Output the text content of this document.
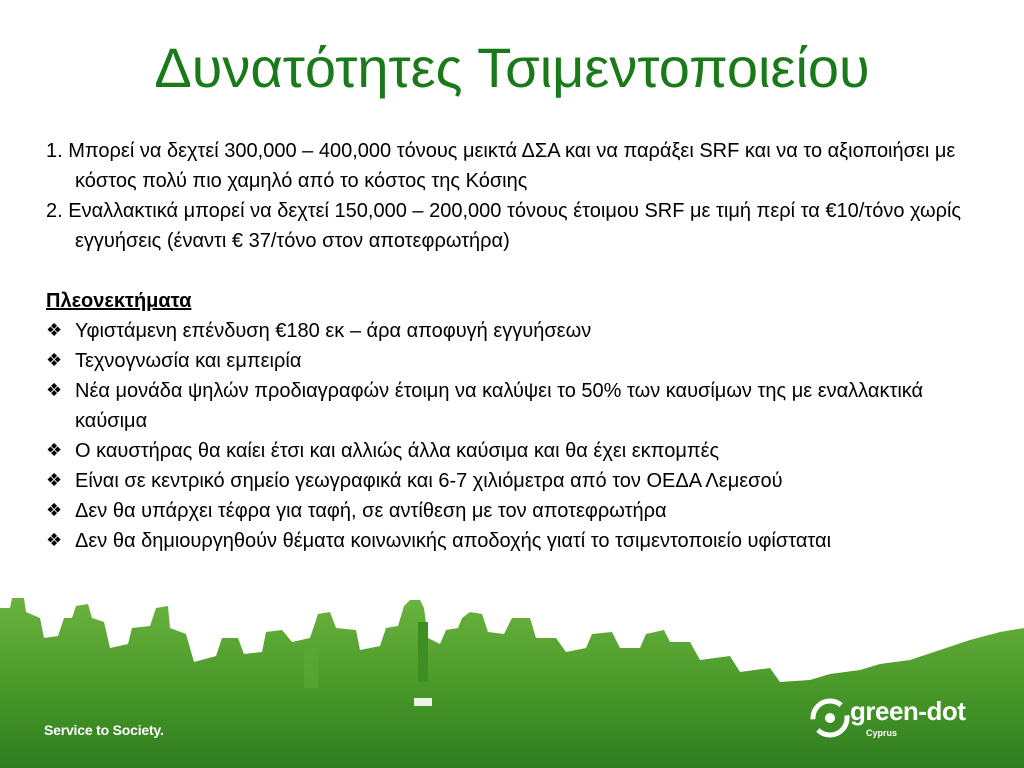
Δυνατότητες Τσιμεντοποιείου

1. Μπορεί να δεχτεί 300,000 – 400,000 τόνους μεικτά ΔΣΑ και να παράξει SRF και να το αξιοποιήσει με κόστος πολύ πιο χαμηλό από το κόστος της Κόσιης

2. Εναλλακτικά μπορεί να δεχτεί 150,000 – 200,000 τόνους έτοιμου SRF με τιμή περί τα €10/τόνο χωρίς εγγυήσεις (έναντι € 37/τόνο στον αποτεφρωτήρα)

Πλεονεκτήματα

❖ Υφιστάμενη επένδυση €180 εκ – άρα αποφυγή εγγυήσεων
❖ Τεχνογνωσία και εμπειρία
❖ Νέα μονάδα ψηλών προδιαγραφών έτοιμη να καλύψει το 50% των καυσίμων της με εναλλακτικά καύσιμα
❖ Ο καυστήρας θα καίει έτσι και αλλιώς άλλα καύσιμα και θα έχει εκπομπές
❖ Είναι σε κεντρικό σημείο γεωγραφικά και 6-7 χιλιόμετρα από τον ΟΕΔΑ Λεμεσού
❖ Δεν θα υπάρχει τέφρα για ταφή, σε αντίθεση με τον αποτεφρωτήρα
❖ Δεν θα δημιουργηθούν θέματα κοινωνικής αποδοχής γιατί το τσιμεντοποιείο υφίσταται
Service to Society.
green-dot
Cyprus
